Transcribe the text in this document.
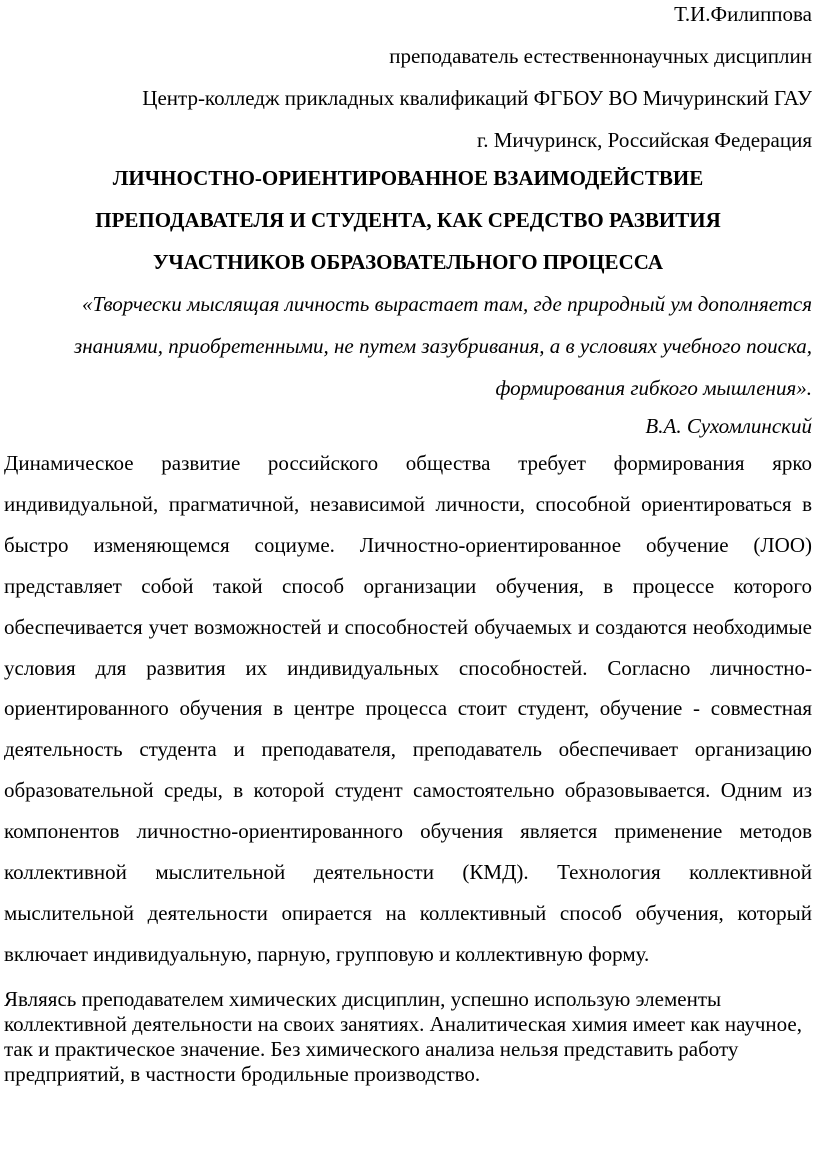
Т.И.Филиппова

преподаватель естественнонаучных дисциплин

Центр-колледж прикладных квалификаций ФГБОУ ВО Мичуринский ГАУ

г. Мичуринск, Российская Федерация

ЛИЧНОСТНО-ОРИЕНТИРОВАННОЕ ВЗАИМОДЕЙСТВИЕ ПРЕПОДАВАТЕЛЯ И СТУДЕНТА, КАК СРЕДСТВО РАЗВИТИЯ УЧАСТНИКОВ ОБРАЗОВАТЕЛЬНОГО ПРОЦЕССА

«Творчески мыслящая личность вырастает там, где природный ум дополняется знаниями, приобретенными, не путем зазубривания, а в условиях учебного поиска, формирования гибкого мышления».

В.А. Сухомлинский

Динамическое развитие российского общества требует формирования ярко индивидуальной, прагматичной, независимой личности, способной ориентироваться в быстро изменяющемся социуме. Личностно-ориентированное обучение (ЛОО) представляет собой такой способ организации обучения, в процессе которого обеспечивается учет возможностей и способностей обучаемых и создаются необходимые условия для развития их индивидуальных способностей. Согласно личностно-ориентированного обучения в центре процесса стоит студент, обучение - совместная деятельность студента и преподавателя, преподаватель обеспечивает организацию образовательной среды, в которой студент самостоятельно образовывается. Одним из компонентов личностно-ориентированного обучения является применение методов коллективной мыслительной деятельности (КМД). Технология коллективной мыслительной деятельности опирается на коллективный способ обучения, который включает индивидуальную, парную, групповую и коллективную форму.

Являясь преподавателем химических дисциплин, успешно использую элементы коллективной деятельности на своих занятиях. Аналитическая химия имеет как научное, так и практическое значение. Без химического анализа нельзя представить работу предприятий, в частности бродильные производство.
